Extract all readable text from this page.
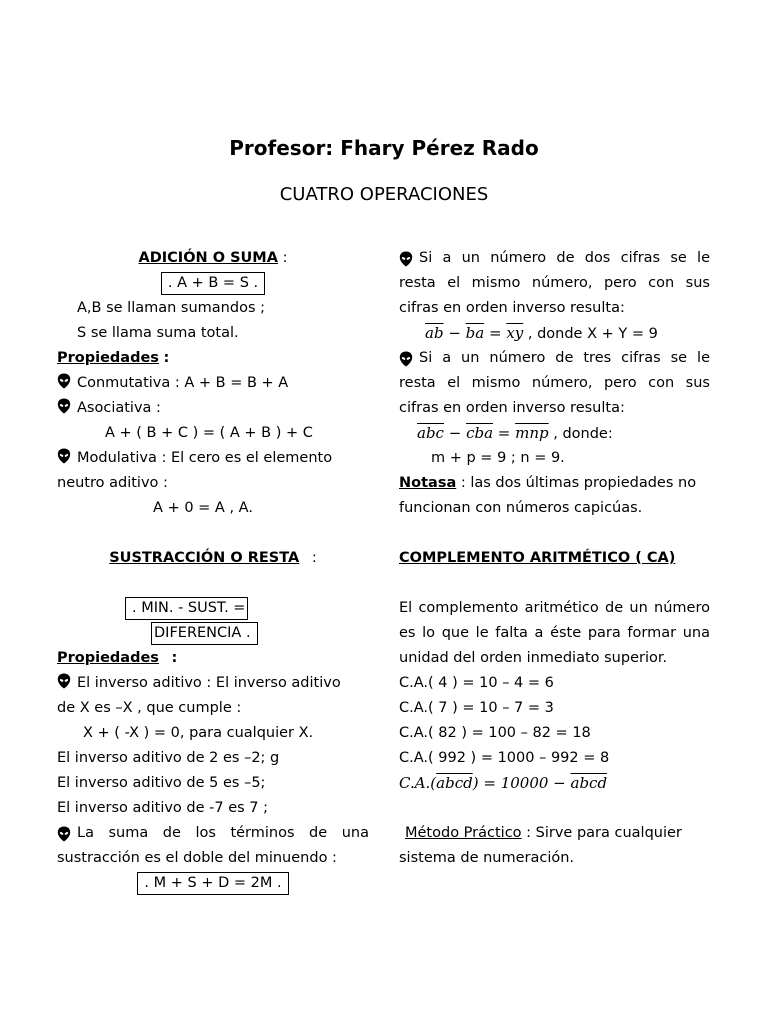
Profesor: Fhary Pérez Rado
CUATRO OPERACIONES
ADICIÓN O SUMA :
. A + B = S .
A,B se llaman sumandos ;
S se llama suma total.
Propiedades :
Conmutativa : A + B = B + A
Asociativa :
A + ( B + C ) = ( A + B ) + C
Modulativa : El cero es el elemento
neutro aditivo :
A + 0 = A , A.
SUSTRACCIÓN O RESTA :
. MIN. - SUST. =
DIFERENCIA .
Propiedades :
El inverso aditivo : El inverso aditivo
de X es –X , que cumple :
X + ( -X ) = 0, para cualquier X.
El inverso aditivo de 2 es –2; g
El inverso aditivo de 5 es –5;
El inverso aditivo de -7 es 7 ;
La suma de los términos de una
sustracción es el doble del minuendo :
. M + S + D = 2M .
Si a un número de dos cifras se le
resta el mismo número, pero con sus
cifras en orden inverso resulta:
$\overline{ab} - \overline{ba} = \overline{xy}$ , donde X + Y = 9
Si a un número de tres cifras se le
resta el mismo número, pero con sus
cifras en orden inverso resulta:
$\overline{abc} - \overline{cba} = \overline{mnp}$ , donde:
m + p = 9 ; n = 9.
Notasa : las dos últimas propiedades no
funcionan con números capicúas.
COMPLEMENTO ARITMÉTICO ( CA)
El complemento aritmético de un número
es lo que le falta a éste para formar una
unidad del orden inmediato superior.
C.A.( 4 ) = 10 – 4 = 6
C.A.( 7 ) = 10 – 7 = 3
C.A.( 82 ) = 100 – 82 = 18
C.A.( 992 ) = 1000 – 992 = 8
C.A.(abcd) = 10000 − abcd
Método Práctico : Sirve para cualquier
sistema de numeración.
